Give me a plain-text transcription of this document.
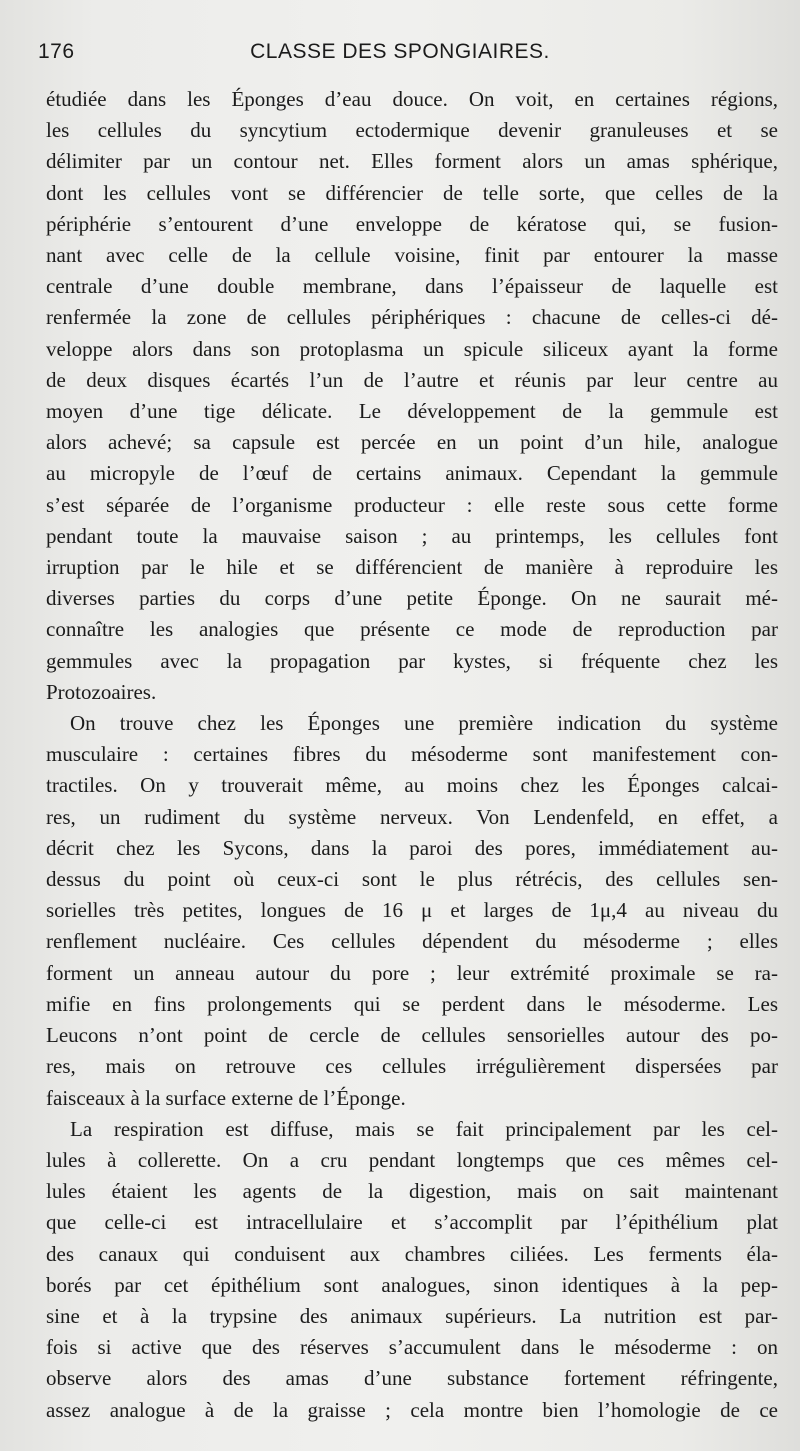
176	CLASSE DES SPONGIAIRES.

étudiée dans les Éponges d’eau douce. On voit, en certaines régions,
les cellules du syncytium ectodermique devenir granuleuses et se
délimiter par un contour net. Elles forment alors un amas sphérique,
dont les cellules vont se différencier de telle sorte, que celles de la
périphérie s’entourent d’une enveloppe de kératose qui, se fusion-
nant avec celle de la cellule voisine, finit par entourer la masse
centrale d’une double membrane, dans l’épaisseur de laquelle est
renfermée la zone de cellules périphériques : chacune de celles-ci dé-
veloppe alors dans son protoplasma un spicule siliceux ayant la forme
de deux disques écartés l’un de l’autre et réunis par leur centre au
moyen d’une tige délicate. Le développement de la gemmule est
alors achevé; sa capsule est percée en un point d’un hile, analogue
au micropyle de l’œuf de certains animaux. Cependant la gemmule
s’est séparée de l’organisme producteur : elle reste sous cette forme
pendant toute la mauvaise saison ; au printemps, les cellules font
irruption par le hile et se différencient de manière à reproduire les
diverses parties du corps d’une petite Éponge. On ne saurait mé-
connaître les analogies que présente ce mode de reproduction par
gemmules avec la propagation par kystes, si fréquente chez les
Protozoaires.

On trouve chez les Éponges une première indication du système
musculaire : certaines fibres du mésoderme sont manifestement con-
tractiles. On y trouverait même, au moins chez les Éponges calcai-
res, un rudiment du système nerveux. Von Lendenfeld, en effet, a
décrit chez les Sycons, dans la paroi des pores, immédiatement au-
dessus du point où ceux-ci sont le plus rétrécis, des cellules sen-
sorielles très petites, longues de 16 μ et larges de 1μ,4 au niveau du
renflement nucléaire. Ces cellules dépendent du mésoderme ; elles
forment un anneau autour du pore ; leur extrémité proximale se ra-
mifie en fins prolongements qui se perdent dans le mésoderme. Les
Leucons n’ont point de cercle de cellules sensorielles autour des po-
res, mais on retrouve ces cellules irrégulièrement dispersées par
faisceaux à la surface externe de l’Éponge.

La respiration est diffuse, mais se fait principalement par les cel-
lules à collerette. On a cru pendant longtemps que ces mêmes cel-
lules étaient les agents de la digestion, mais on sait maintenant
que celle-ci est intracellulaire et s’accomplit par l’épithélium plat
des canaux qui conduisent aux chambres ciliées. Les ferments éla-
borés par cet épithélium sont analogues, sinon identiques à la pep-
sine et à la trypsine des animaux supérieurs. La nutrition est par-
fois si active que des réserves s’accumulent dans le mésoderme : on
observe alors des amas d’une substance fortement réfringente,
assez analogue à de la graisse ; cela montre bien l’homologie de ce
